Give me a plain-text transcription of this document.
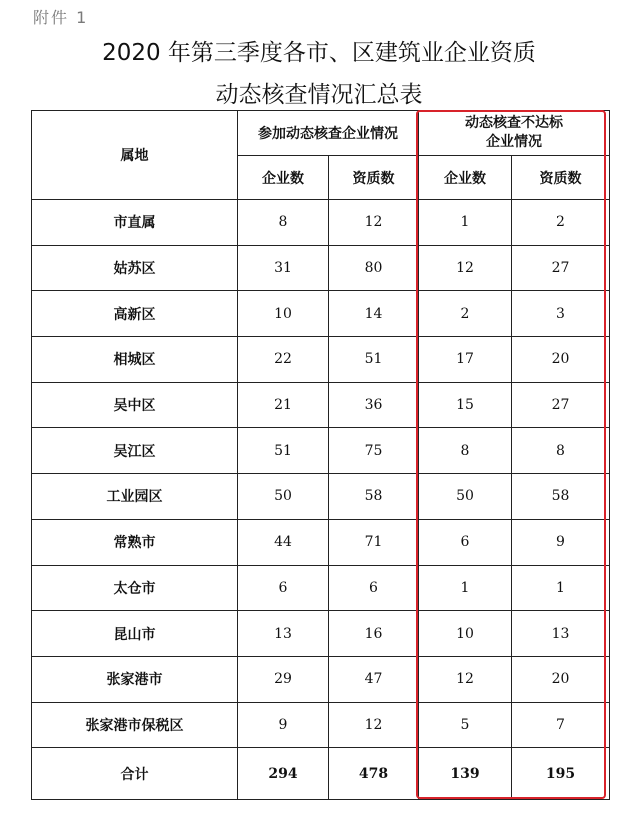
附件 1
2020 年第三季度各市、区建筑业企业资质
动态核查情况汇总表
属地	参加动态核查企业情况		动态核查不达标
企业情况	

	企业数	资质数	企业数	资质数
市直属	8	12	1	2
姑苏区	31	80	12	27
高新区	10	14	2	3
相城区	22	51	17	20
吴中区	21	36	15	27
吴江区	51	75	8	8
工业园区	50	58	50	58
常熟市	44	71	6	9
太仓市	6	6	1	1
昆山市	13	16	10	13
张家港市	29	47	12	20
张家港市保税区	9	12	5	7
合计	294	478	139	195
